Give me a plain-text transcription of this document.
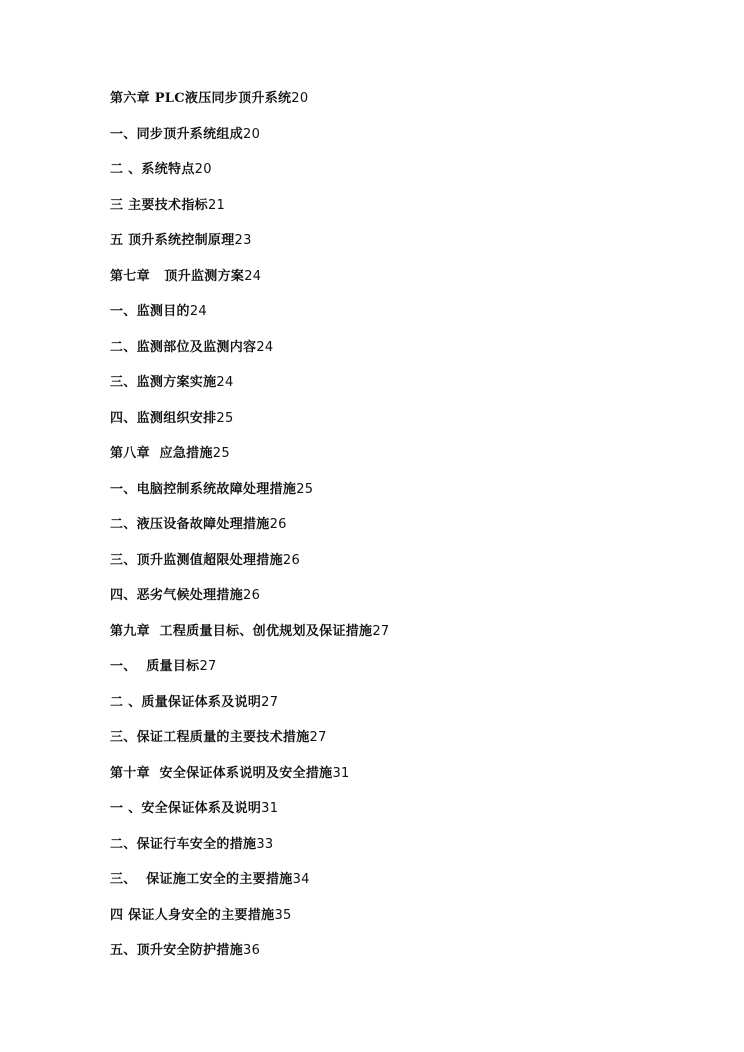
第六章 PLC液压同步顶升系统20
一、同步顶升系统组成20
二 、系统特点20
三 主要技术指标21
五 顶升系统控制原理23
第七章   顶升监测方案24
一、监测目的24
二、监测部位及监测内容24
三、监测方案实施24
四、监测组织安排25
第八章  应急措施25
一、电脑控制系统故障处理措施25
二、液压设备故障处理措施26
三、顶升监测值超限处理措施26
四、恶劣气候处理措施26
第九章  工程质量目标、创优规划及保证措施27
一、  质量目标27
二 、质量保证体系及说明27
三、保证工程质量的主要技术措施27
第十章  安全保证体系说明及安全措施31
一 、安全保证体系及说明31
二、保证行车安全的措施33
三、  保证施工安全的主要措施34
四 保证人身安全的主要措施35
五、顶升安全防护措施36
